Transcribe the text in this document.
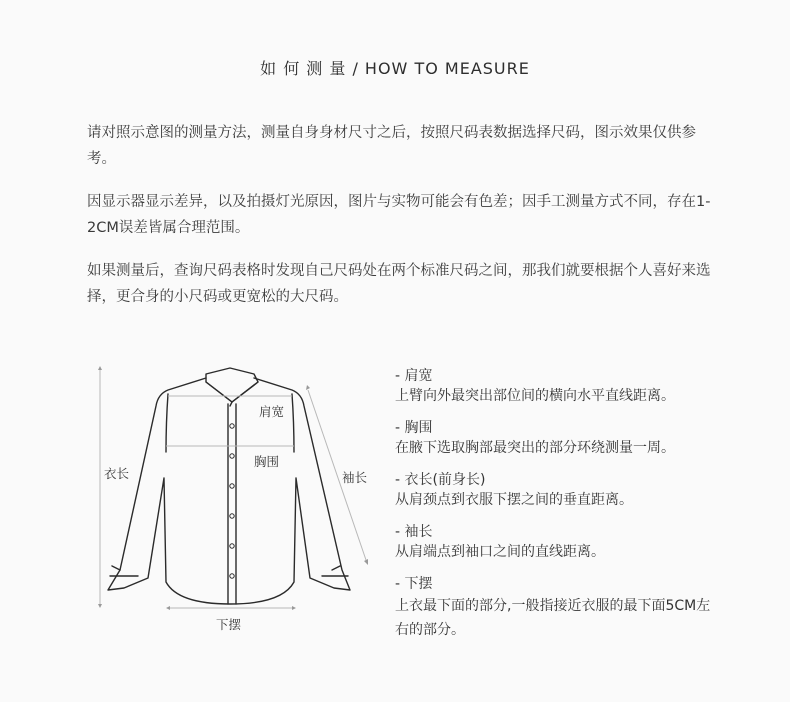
如 何 测 量 / HOW TO MEASURE
请对照示意图的测量方法，测量自身身材尺寸之后，按照尺码表数据选择尺码，图示效果仅供参考。
因显示器显示差异，以及拍摄灯光原因，图片与实物可能会有色差；因手工测量方式不同，存在1-2CM误差皆属合理范围。
如果测量后，查询尺码表格时发现自己尺码处在两个标准尺码之间，那我们就要根据个人喜好来选择，更合身的小尺码或更宽松的大尺码。
肩宽
胸围
衣长	袖长
下摆
- 肩宽
上臂向外最突出部位间的横向水平直线距离。
- 胸围
在腋下选取胸部最突出的部分环绕测量一周。
- 衣长(前身长)
从肩颈点到衣服下摆之间的垂直距离。
- 袖长
从肩端点到袖口之间的直线距离。
- 下摆
上衣最下面的部分,一般指接近衣服的最下面5CM左右的部分。
